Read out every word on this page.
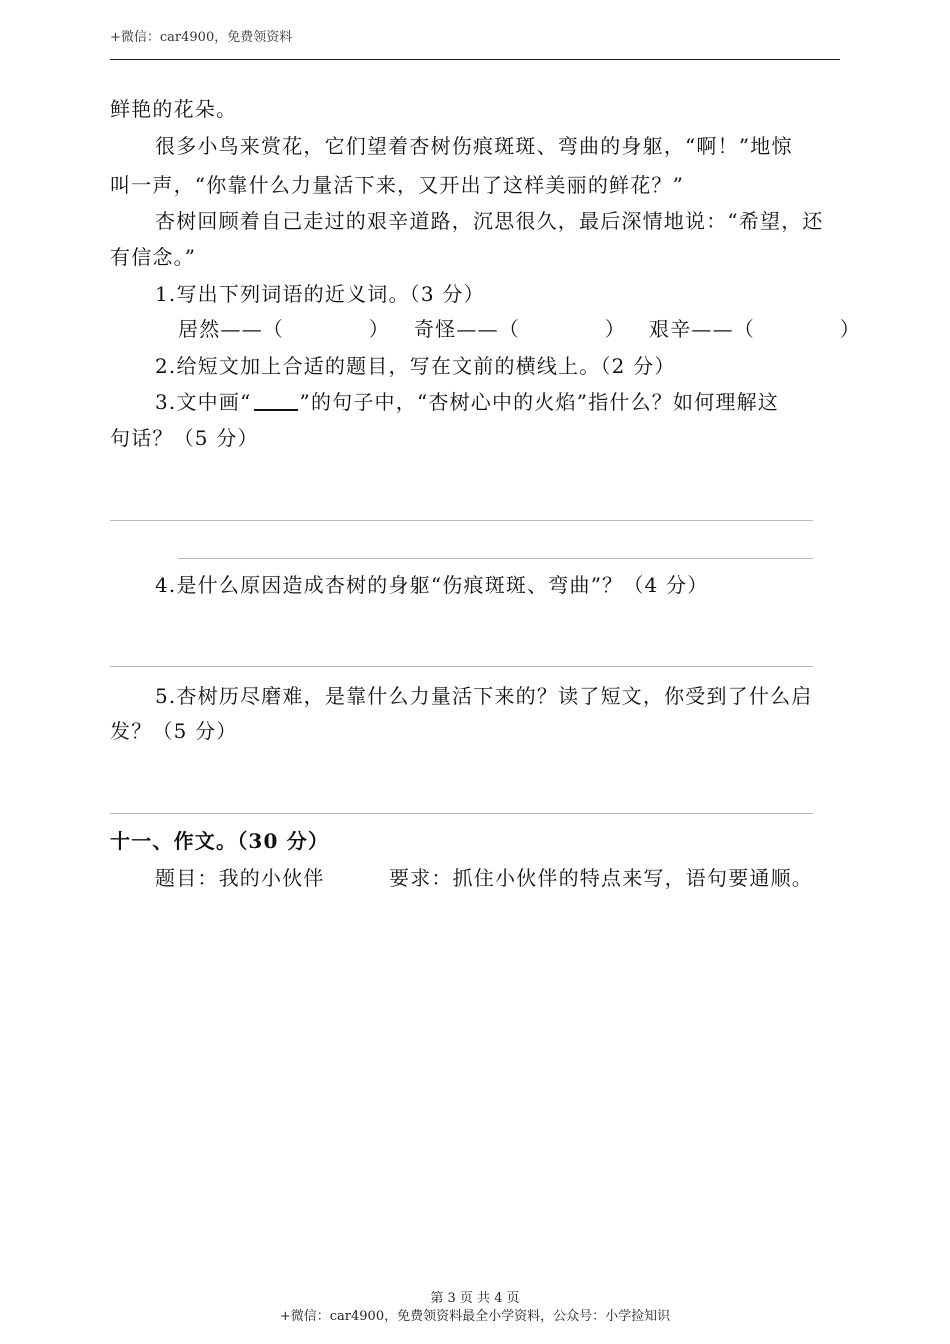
+微信：car4900，免费领资料
鲜艳的花朵。
很多小鸟来赏花，它们望着杏树伤痕斑斑、弯曲的身躯，“啊！”地惊
叫一声，“你靠什么力量活下来，又开出了这样美丽的鲜花？”
杏树回顾着自己走过的艰辛道路，沉思很久，最后深情地说：“希望，还
有信念。”
1.写出下列词语的近义词。（3 分）
居然——（　　　　） 奇怪——（　　　　） 艰辛——（　　　　）
2.给短文加上合适的题目，写在文前的横线上。（2 分）
3.文中画“ ”的句子中，“杏树心中的火焰”指什么？如何理解这
句话？（5 分）
4.是什么原因造成杏树的身躯“伤痕斑斑、弯曲”？（4 分）
5.杏树历尽磨难，是靠什么力量活下来的？读了短文，你受到了什么启
发？（5 分）
十一、作文。（30 分）
题目：我的小伙伴	要求：抓住小伙伴的特点来写，语句要通顺。
第 3 页 共 4 页
+微信：car4900，免费领资料最全小学资料，公众号：小学捡知识
